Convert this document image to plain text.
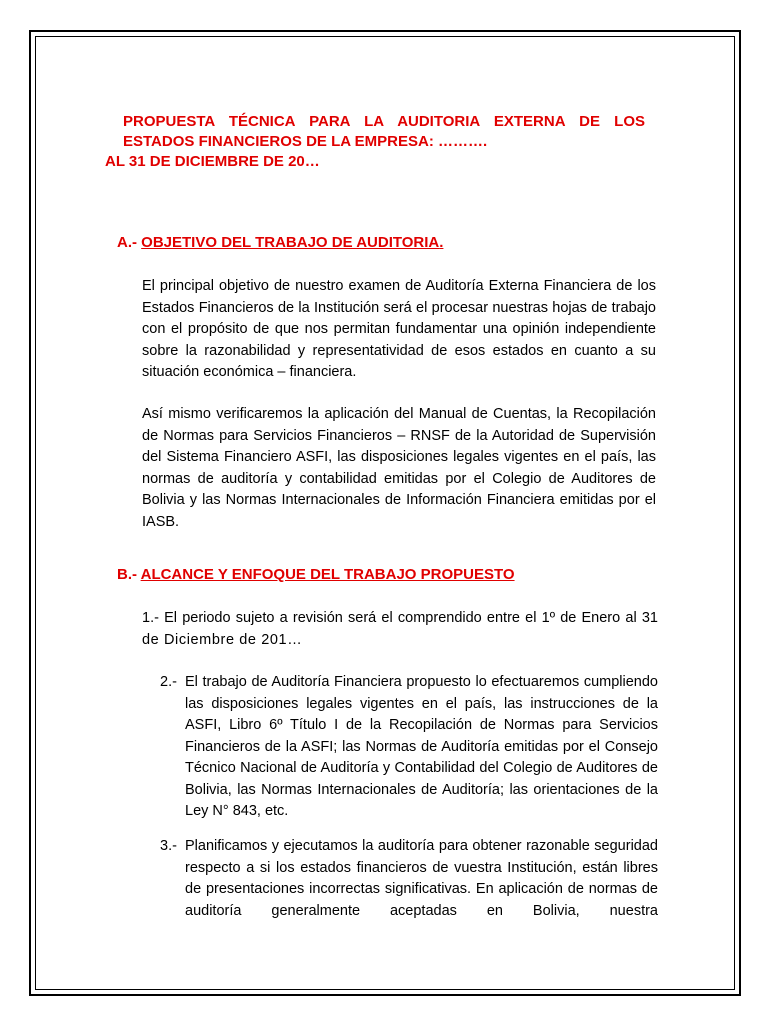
PROPUESTA TÉCNICA PARA LA AUDITORIA EXTERNA DE LOS
ESTADOS FINANCIEROS DE LA EMPRESA: ……….
AL 31 DE DICIEMBRE DE 20…
A.- OBJETIVO DEL TRABAJO DE AUDITORIA.

El principal objetivo de nuestro examen de Auditoría Externa Financiera de los Estados Financieros de la Institución será el procesar nuestras hojas de trabajo con el propósito de que nos permitan fundamentar una opinión independiente sobre la razonabilidad y representatividad de esos estados en cuanto a su situación económica – financiera.

Así mismo verificaremos la aplicación del Manual de Cuentas, la Recopilación de Normas para Servicios Financieros – RNSF de la Autoridad de Supervisión del Sistema Financiero ASFI, las disposiciones legales vigentes en el país, las normas de auditoría y contabilidad emitidas por el Colegio de Auditores de Bolivia y las Normas Internacionales de Información Financiera emitidas por el IASB.

B.- ALCANCE Y ENFOQUE DEL TRABAJO PROPUESTO
1.- El periodo sujeto a revisión será el comprendido entre el 1º de Enero al 31
de Diciembre de 201…
2.- El trabajo de Auditoría Financiera propuesto lo efectuaremos cumpliendo las disposiciones legales vigentes en el país, las instrucciones de la ASFI, Libro 6º Título I de la Recopilación de Normas para Servicios Financieros de la ASFI; las Normas de Auditoría emitidas por el Consejo Técnico Nacional de Auditoría y Contabilidad del Colegio de Auditores de Bolivia, las Normas Internacionales de Auditoría; las orientaciones de la Ley N° 843, etc.
3.- Planificamos y ejecutamos la auditoría para obtener razonable seguridad respecto a si los estados financieros de vuestra Institución, están libres de presentaciones incorrectas significativas. En aplicación de normas de auditoría generalmente aceptadas en Bolivia, nuestra
